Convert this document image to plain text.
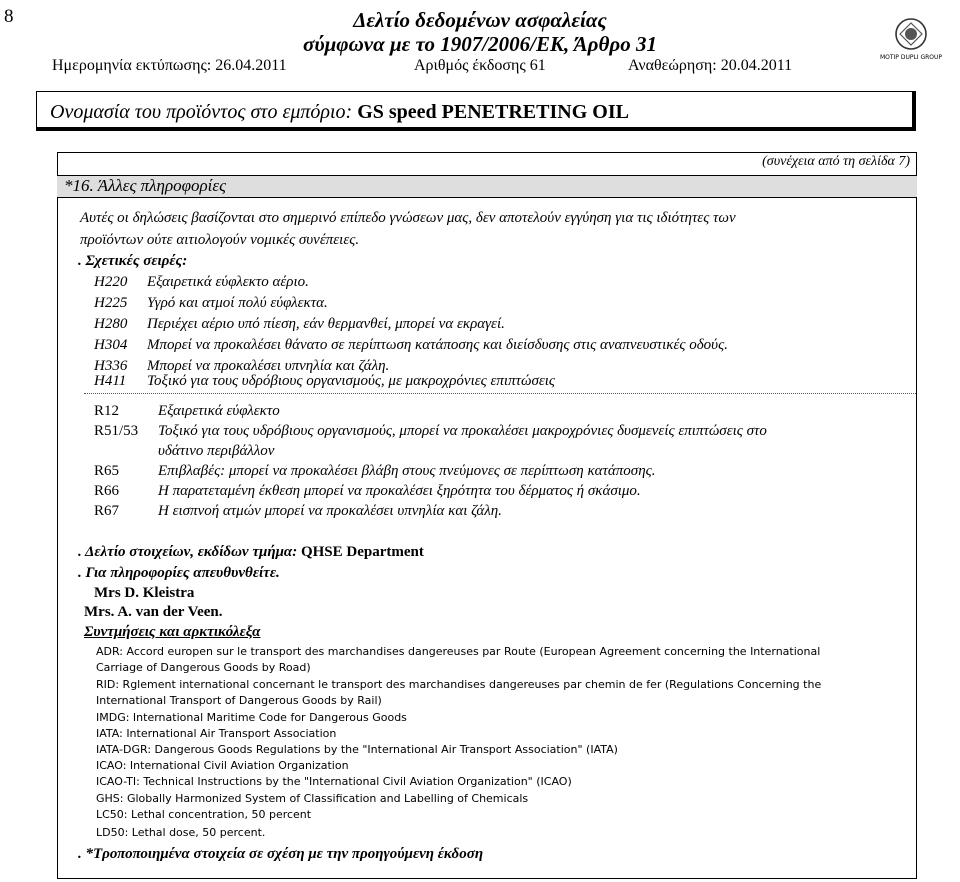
8	Δελτίο δεδομένων ασφαλείας
σύμφωνα με το 1907/2006/ΕΚ, Άρθρο 31
Ημερομηνία εκτύπωσης: 26.04.2011	Αριθμός έκδοσης 61	Αναθεώρηση: 20.04.2011	MOTIP DUPLI GROUP
Ονομασία του προϊόντος στο εμπόριο: GS speed PENETRETING OIL
(συνέχεια από τη σελίδα 7)
*16. Άλλες πληροφορίες
Αυτές οι δηλώσεις βασίζονται στο σημερινό επίπεδο γνώσεων μας, δεν αποτελούν εγγύηση για τις ιδιότητες των
προϊόντων ούτε αιτιολογούν νομικές συνέπειες.
. Σχετικές σειρές:
H220 Εξαιρετικά εύφλεκτο αέριο.
H225 Υγρό και ατμοί πολύ εύφλεκτα.
H280 Περιέχει αέριο υπό πίεση, εάν θερμανθεί, μπορεί να εκραγεί.
H304 Μπορεί να προκαλέσει θάνατο σε περίπτωση κατάποσης και διείσδυσης στις αναπνευστικές οδούς.
H336 Μπορεί να προκαλέσει υπνηλία και ζάλη.
H411 Τοξικό για τους υδρόβιους οργανισμούς, με μακροχρόνιες επιπτώσεις
R12	Εξαιρετικά εύφλεκτο
R51/53 Τοξικό για τους υδρόβιους οργανισμούς, μπορεί να προκαλέσει μακροχρόνιες δυσμενείς επιπτώσεις στο
υδάτινο περιβάλλον
R65	Επιβλαβές: μπορεί να προκαλέσει βλάβη στους πνεύμονες σε περίπτωση κατάποσης.
R66	Η παρατεταμένη έκθεση μπορεί να προκαλέσει ξηρότητα του δέρματος ή σκάσιμο.
R67	Η εισπνοή ατμών μπορεί να προκαλέσει υπνηλία και ζάλη.
. Δελτίο στοιχείων, εκδίδων τμήμα: QHSE Department
. Για πληροφορίες απευθυνθείτε.
Mrs D. Kleistra
Mrs. A. van der Veen.
Συντμήσεις και αρκτικόλεξα
ADR: Accord europen sur le transport des marchandises dangereuses par Route (European Agreement concerning the International
Carriage of Dangerous Goods by Road)
RID: Rglement international concernant le transport des marchandises dangereuses par chemin de fer (Regulations Concerning the
International Transport of Dangerous Goods by Rail)
IMDG: International Maritime Code for Dangerous Goods
IATA: International Air Transport Association
IATA-DGR: Dangerous Goods Regulations by the "International Air Transport Association" (IATA)
ICAO: International Civil Aviation Organization
ICAO-TI: Technical Instructions by the "International Civil Aviation Organization" (ICAO)
GHS: Globally Harmonized System of Classification and Labelling of Chemicals
LC50: Lethal concentration, 50 percent
LD50: Lethal dose, 50 percent.
. *Τροποποιημένα στοιχεία σε σχέση με την προηγούμενη έκδοση
